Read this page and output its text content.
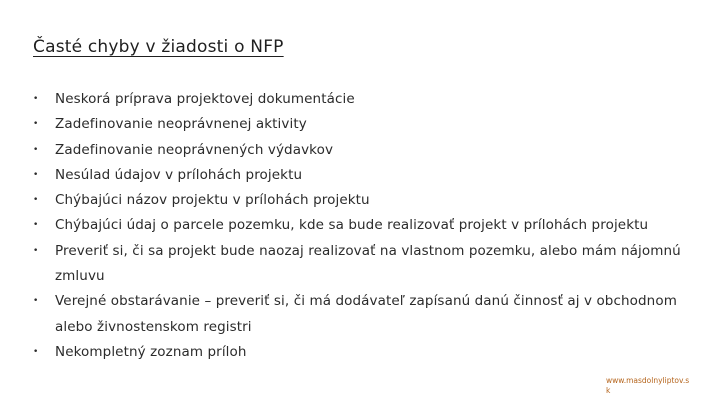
Časté chyby v žiadosti o NFP
• Neskorá príprava projektovej dokumentácie
• Zadefinovanie neoprávnenej aktivity
• Zadefinovanie neoprávnených výdavkov
• Nesúlad údajov v prílohách projektu
• Chýbajúci názov projektu v prílohách projektu
• Chýbajúci údaj o parcele pozemku, kde sa bude realizovať projekt v prílohách projektu
• Preveriť si, či sa projekt bude naozaj realizovať na vlastnom pozemku, alebo mám nájomnú zmluvu
• Verejné obstarávanie – preveriť si, či má dodávateľ zapísanú danú činnosť aj v obchodnom alebo živnostenskom registri
• Nekompletný zoznam príloh
www.masdolnyliptov.sk
